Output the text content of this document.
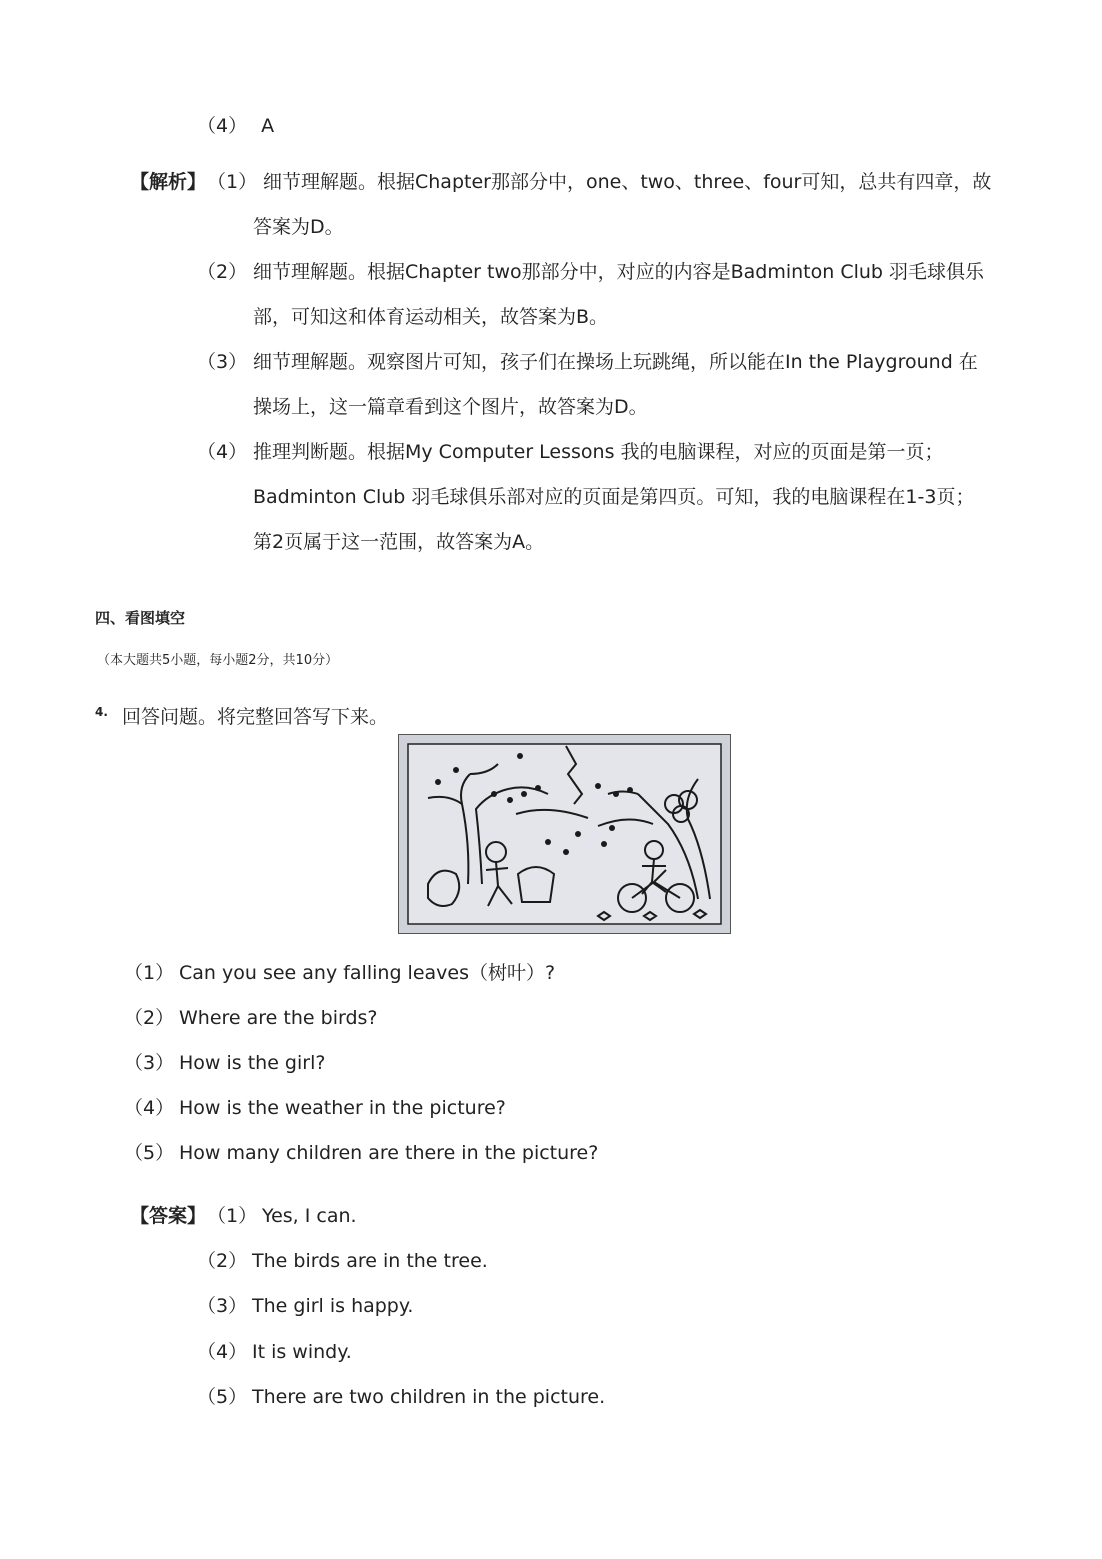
（4） A
【解析】 （1） 细节理解题。根据Chapter那部分中，one、two、three、four可知，总共有四章，故
答案为D。
（2） 细节理解题。根据Chapter two那部分中，对应的内容是Badminton Club 羽毛球俱乐
部，可知这和体育运动相关，故答案为B。
（3） 细节理解题。观察图片可知，孩子们在操场上玩跳绳，所以能在In the Playground 在
操场上，这一篇章看到这个图片，故答案为D。
（4） 推理判断题。根据My Computer Lessons 我的电脑课程，对应的页面是第一页；
Badminton Club 羽毛球俱乐部对应的页面是第四页。可知，我的电脑课程在1-3页；
第2页属于这一范围，故答案为A。
四、看图填空
（本大题共5小题，每小题2分，共10分）
$^{4.}$ 回答问题。将完整回答写下来。
（1） Can you see any falling leaves（树叶）?
（2） Where are the birds?
（3） How is the girl?
（4） How is the weather in the picture?
（5） How many children are there in the picture?
【答案】 （1） Yes, I can.
（2） The birds are in the tree.
（3） The girl is happy.
（4） It is windy.
（5） There are two children in the picture.
